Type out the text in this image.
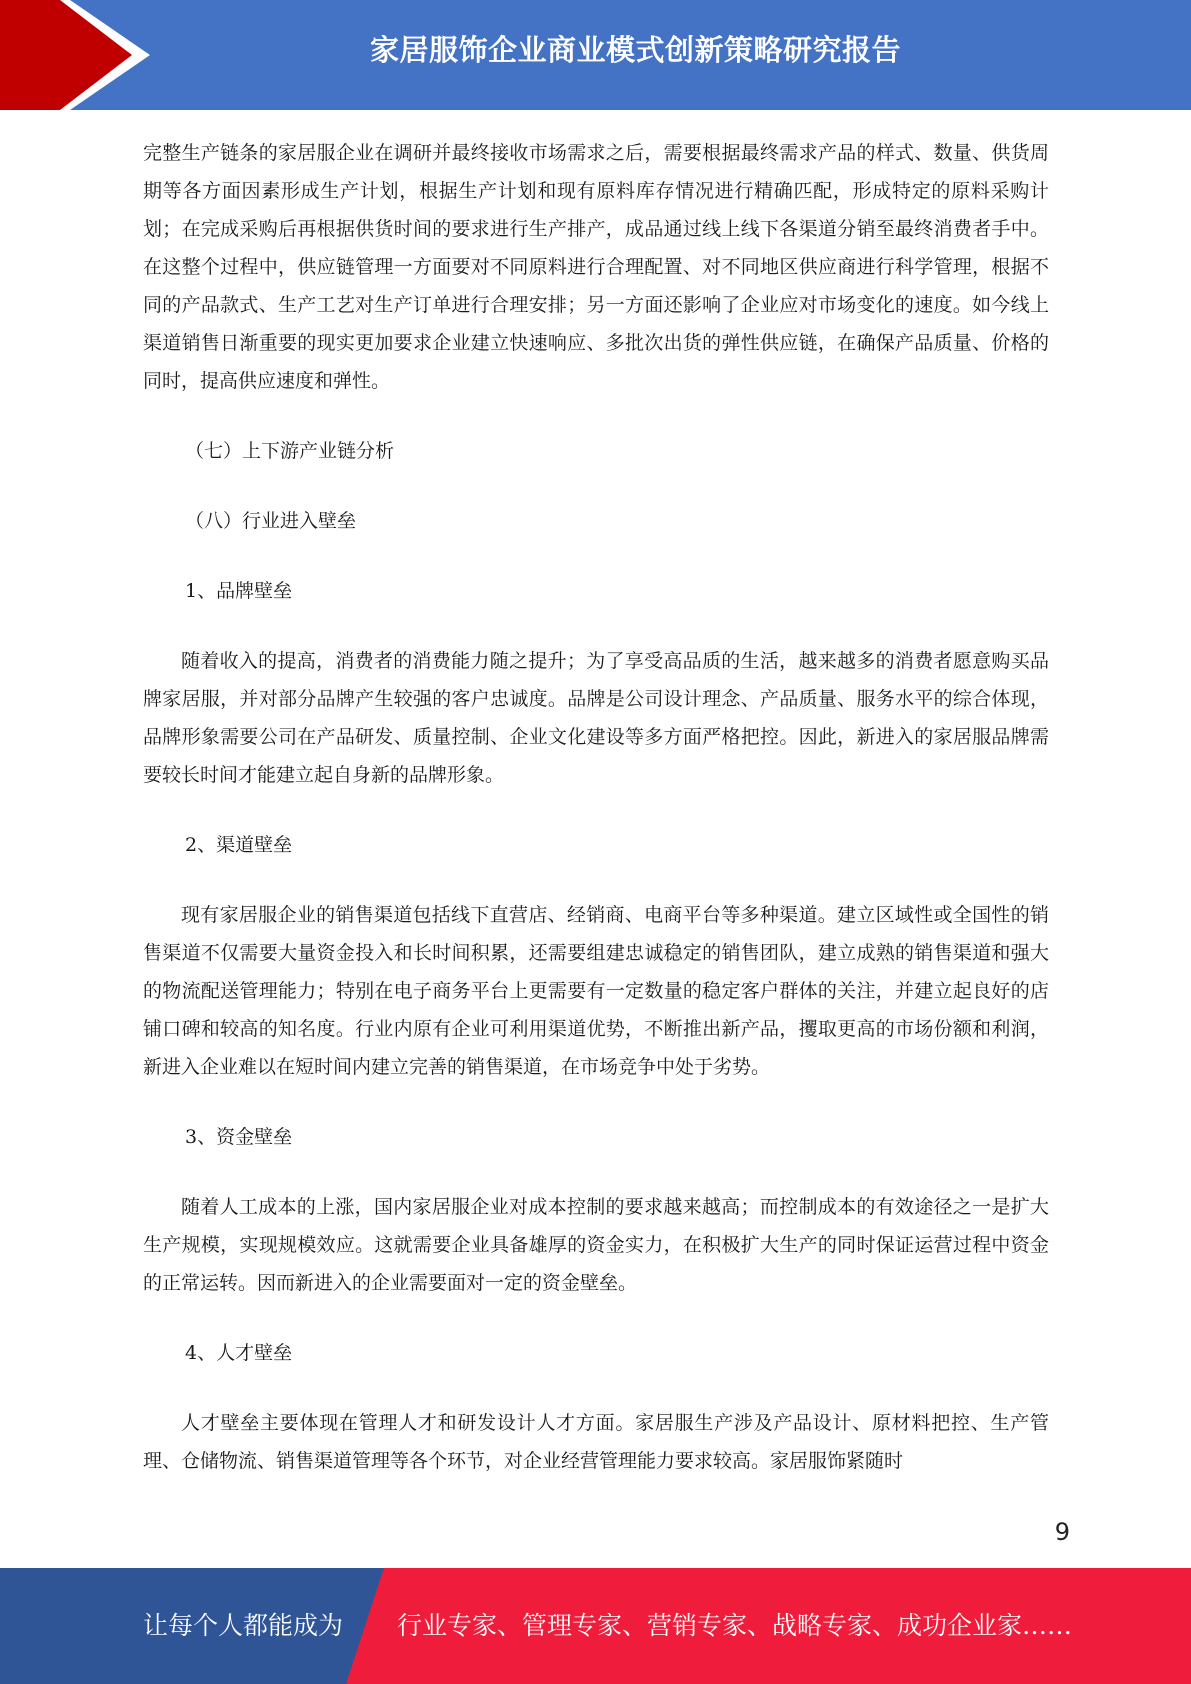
家居服饰企业商业模式创新策略研究报告

完整生产链条的家居服企业在调研并最终接收市场需求之后，需要根据最终需求产品的样式、数量、供货周期等各方面因素形成生产计划，根据生产计划和现有原料库存情况进行精确匹配，形成特定的原料采购计划；在完成采购后再根据供货时间的要求进行生产排产，成品通过线上线下各渠道分销至最终消费者手中。在这整个过程中，供应链管理一方面要对不同原料进行合理配置、对不同地区供应商进行科学管理，根据不同的产品款式、生产工艺对生产订单进行合理安排；另一方面还影响了企业应对市场变化的速度。如今线上渠道销售日渐重要的现实更加要求企业建立快速响应、多批次出货的弹性供应链，在确保产品质量、价格的同时，提高供应速度和弹性。

（七）上下游产业链分析

（八）行业进入壁垒

1、品牌壁垒

随着收入的提高，消费者的消费能力随之提升；为了享受高品质的生活，越来越多的消费者愿意购买品牌家居服，并对部分品牌产生较强的客户忠诚度。品牌是公司设计理念、产品质量、服务水平的综合体现，品牌形象需要公司在产品研发、质量控制、企业文化建设等多方面严格把控。因此，新进入的家居服品牌需要较长时间才能建立起自身新的品牌形象。

2、渠道壁垒

现有家居服企业的销售渠道包括线下直营店、经销商、电商平台等多种渠道。建立区域性或全国性的销售渠道不仅需要大量资金投入和长时间积累，还需要组建忠诚稳定的销售团队，建立成熟的销售渠道和强大的物流配送管理能力；特别在电子商务平台上更需要有一定数量的稳定客户群体的关注，并建立起良好的店铺口碑和较高的知名度。行业内原有企业可利用渠道优势，不断推出新产品，攫取更高的市场份额和利润，新进入企业难以在短时间内建立完善的销售渠道，在市场竞争中处于劣势。

3、资金壁垒

随着人工成本的上涨，国内家居服企业对成本控制的要求越来越高；而控制成本的有效途径之一是扩大生产规模，实现规模效应。这就需要企业具备雄厚的资金实力，在积极扩大生产的同时保证运营过程中资金的正常运转。因而新进入的企业需要面对一定的资金壁垒。

4、人才壁垒

人才壁垒主要体现在管理人才和研发设计人才方面。家居服生产涉及产品设计、原材料把控、生产管理、仓储物流、销售渠道管理等各个环节，对企业经营管理能力要求较高。家居服饰紧随时

9
让每个人都能成为 行业专家、管理专家、营销专家、战略专家、成功企业家……
